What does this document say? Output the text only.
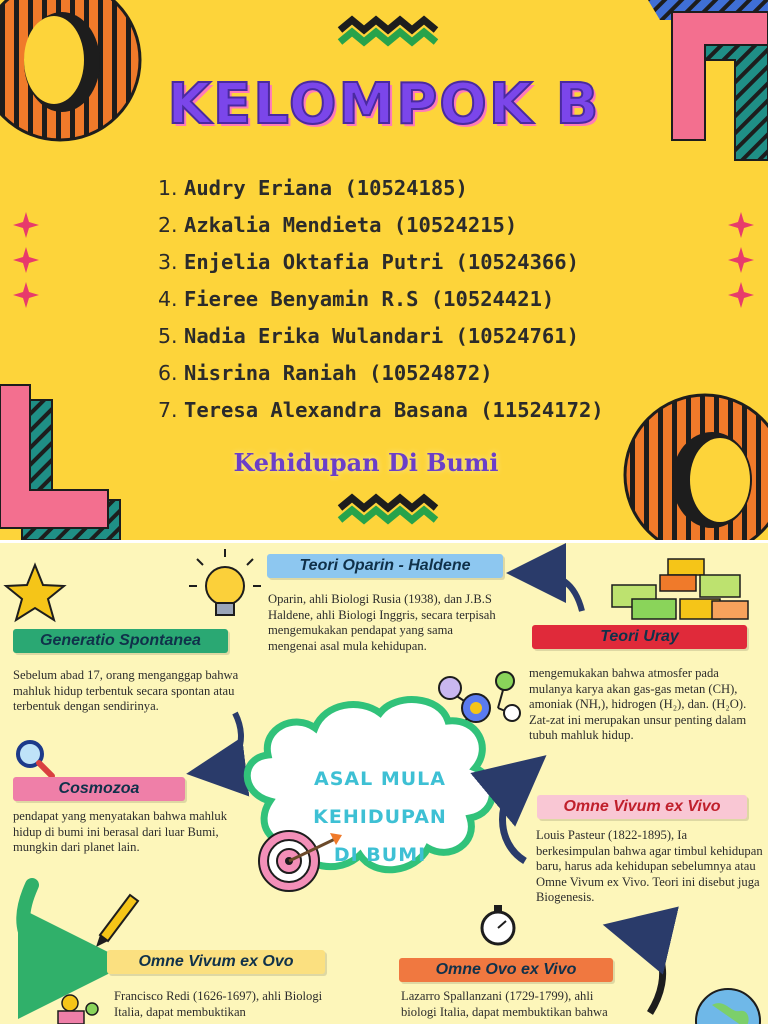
KELOMPOK B
1. Audry Eriana (10524185)
2. Azkalia Mendieta (10524215)
3. Enjelia Oktafia Putri (10524366)
4. Fieree Benyamin R.S (10524421)
5. Nadia Erika Wulandari (10524761)
6. Nisrina Raniah (10524872)
7. Teresa Alexandra Basana (11524172)
Kehidupan Di Bumi
Generatio Spontanea
Sebelum abad 17, orang menganggap bahwa mahluk hidup terbentuk secara spontan atau terbentuk dengan sendirinya.
Cosmozoa
pendapat yang menyatakan bahwa mahluk hidup di bumi ini berasal dari luar Bumi, mungkin dari planet lain.
Teori Oparin - Haldene
Oparin, ahli Biologi Rusia (1938), dan J.B.S Haldene, ahli Biologi Inggris, secara terpisah mengemukakan pendapat yang sama mengenai asal mula kehidupan.
Teori Uray
mengemukakan bahwa atmosfer pada mulanya karya akan gas-gas metan (CH), amoniak (NH,), hidrogen (H₂), dan. (H₂O). Zat-zat ini merupakan unsur penting dalam tubuh mahluk hidup.
Omne Vivum ex Vivo
Louis Pasteur (1822-1895), Ia berkesimpulan bahwa agar timbul kehidupan baru, harus ada kehidupan sebelumnya atau Omne Vivum ex Vivo. Teori ini disebut juga Biogenesis.
Omne Vivum ex Ovo
Francisco Redi (1626-1697), ahli Biologi Italia, dapat membuktikan
Omne Ovo ex Vivo
Lazarro Spallanzani (1729-1799), ahli biologi Italia, dapat membuktikan bahwa
ASAL MULA
KEHIDUPAN
DI BUMI
